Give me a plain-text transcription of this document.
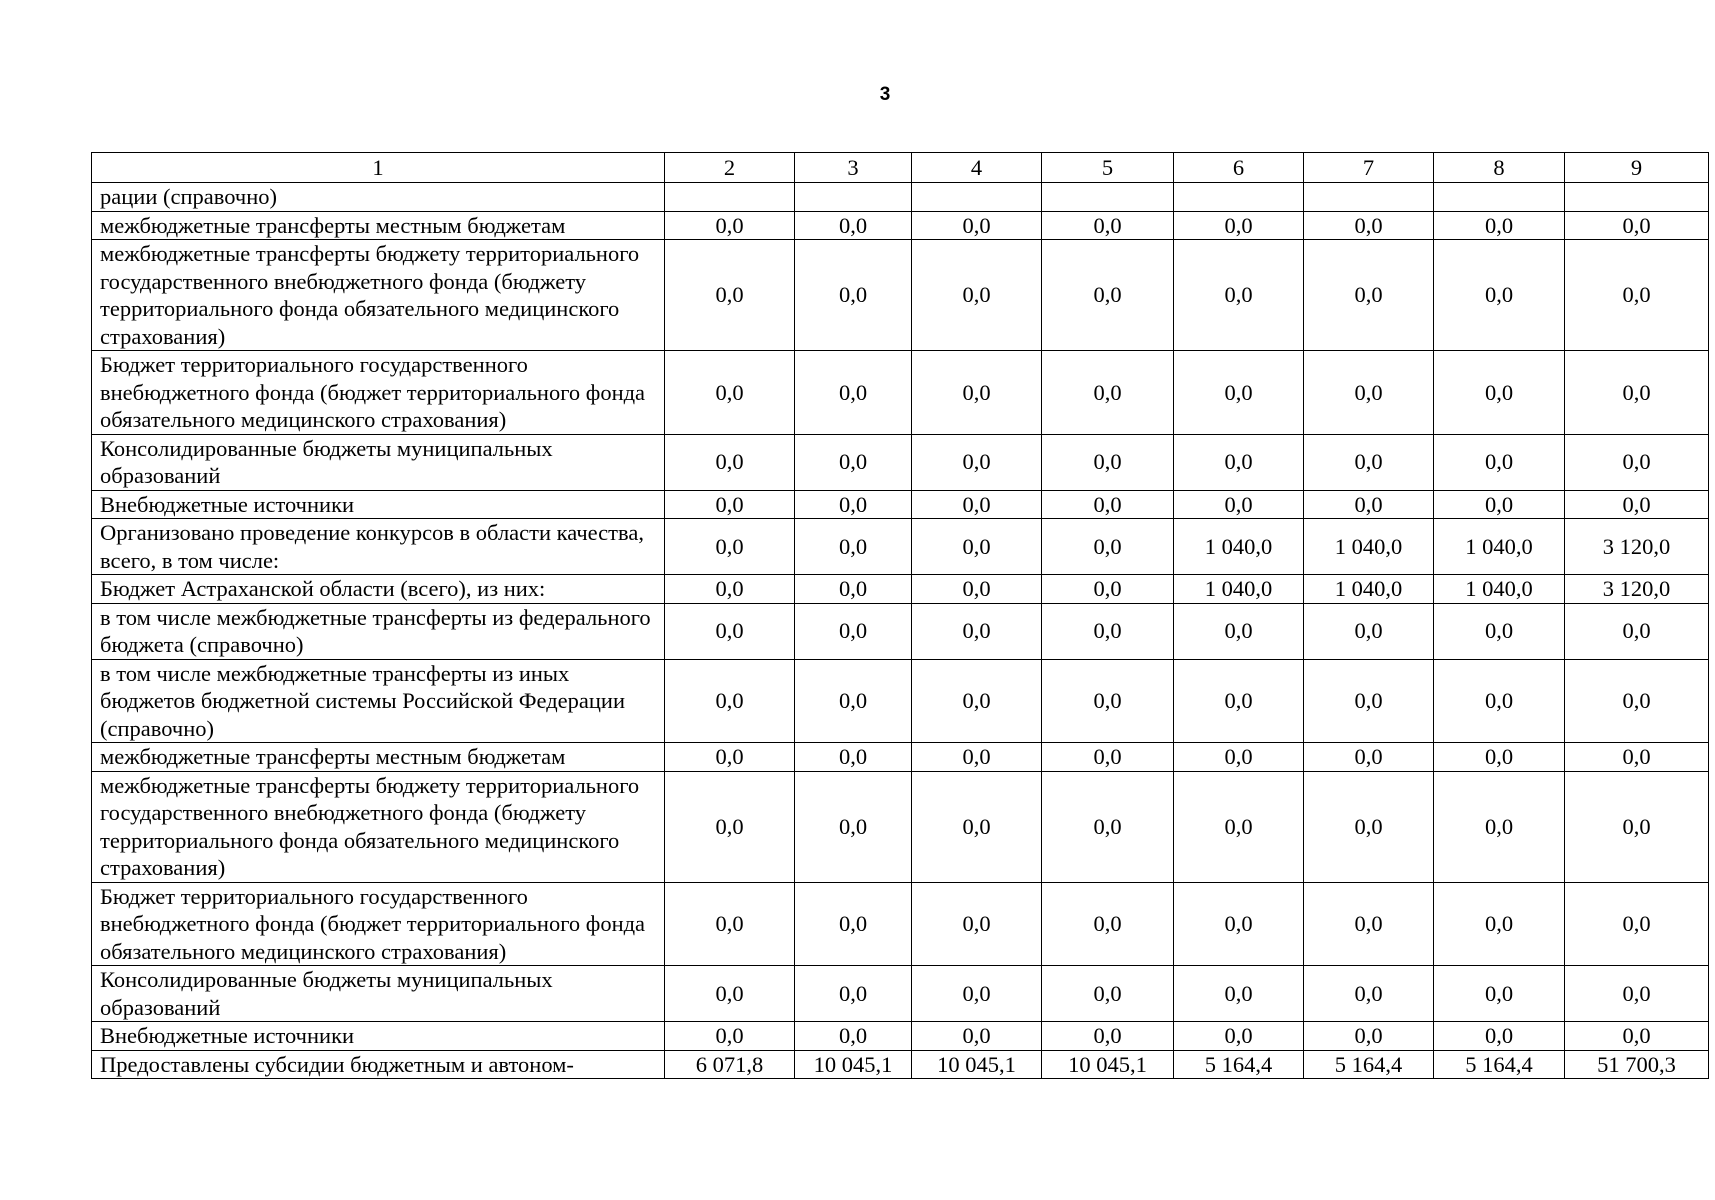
3
1	2	3	4	5	6	7	8	9
рации (справочно)								
межбюджетные трансферты местным бюджетам	0,0	0,0	0,0	0,0	0,0	0,0	0,0	0,0
межбюджетные трансферты бюджету территориального государственного внебюджетного фонда (бюджету территориального фонда обязательного медицинского страхования)	0,0	0,0	0,0	0,0	0,0	0,0	0,0	0,0
Бюджет территориального государственного внебюджетного фонда (бюджет территориального фонда обязательного медицинского страхования)	0,0	0,0	0,0	0,0	0,0	0,0	0,0	0,0
Консолидированные бюджеты муниципальных образований	0,0	0,0	0,0	0,0	0,0	0,0	0,0	0,0
Внебюджетные источники	0,0	0,0	0,0	0,0	0,0	0,0	0,0	0,0
Организовано проведение конкурсов в области качества, всего, в том числе:	0,0	0,0	0,0	0,0	1 040,0	1 040,0	1 040,0	3 120,0
Бюджет Астраханской области (всего), из них:	0,0	0,0	0,0	0,0	1 040,0	1 040,0	1 040,0	3 120,0
в том числе межбюджетные трансферты из федерального бюджета (справочно)	0,0	0,0	0,0	0,0	0,0	0,0	0,0	0,0
в том числе межбюджетные трансферты из иных бюджетов бюджетной системы Российской Федерации (справочно)	0,0	0,0	0,0	0,0	0,0	0,0	0,0	0,0
межбюджетные трансферты местным бюджетам	0,0	0,0	0,0	0,0	0,0	0,0	0,0	0,0
межбюджетные трансферты бюджету территориального государственного внебюджетного фонда (бюджету территориального фонда обязательного медицинского страхования)	0,0	0,0	0,0	0,0	0,0	0,0	0,0	0,0
Бюджет территориального государственного внебюджетного фонда (бюджет территориального фонда обязательного медицинского страхования)	0,0	0,0	0,0	0,0	0,0	0,0	0,0	0,0
Консолидированные бюджеты муниципальных образований	0,0	0,0	0,0	0,0	0,0	0,0	0,0	0,0
Внебюджетные источники	0,0	0,0	0,0	0,0	0,0	0,0	0,0	0,0
Предоставлены субсидии бюджетным и автоном-	6 071,8	10 045,1	10 045,1	10 045,1	5 164,4	5 164,4	5 164,4	51 700,3
